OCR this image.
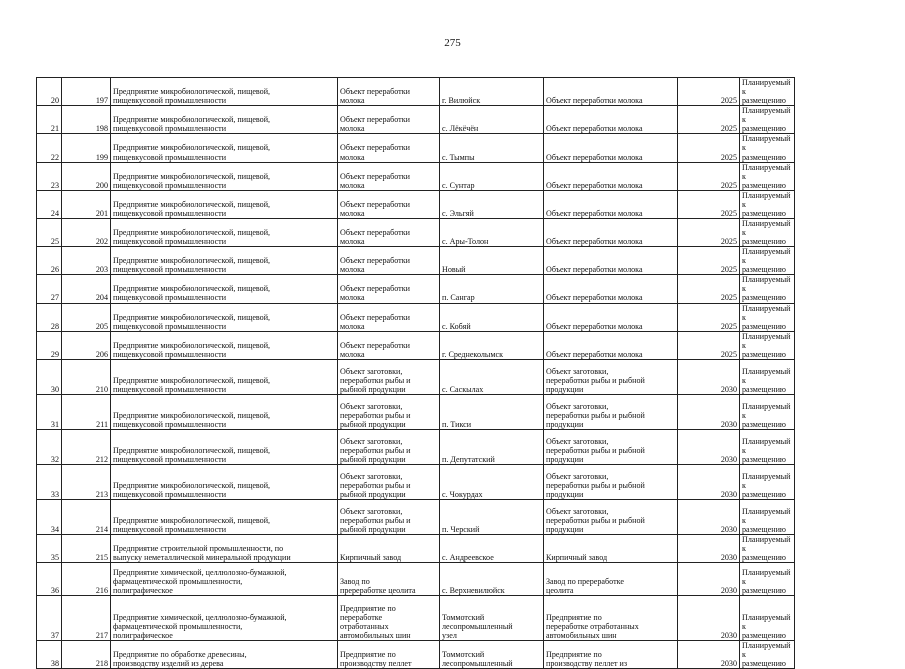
275
20	197	Предприятие микробиологической, пищевой,
пищевкусовой промышленности	Объект переработки
молока	г. Вилюйск	Объект переработки молока	2025	Планируемый к
размещению

21	198	Предприятие микробиологической, пищевой,
пищевкусовой промышленности	Объект переработки
молока	с. Лёкёчён	Объект переработки молока	2025	Планируемый к
размещению

22	199	Предприятие микробиологической, пищевой,
пищевкусовой промышленности	Объект переработки
молока	с. Тымпы	Объект переработки молока	2025	Планируемый к
размещению

23	200	Предприятие микробиологической, пищевой,
пищевкусовой промышленности	Объект переработки
молока	с. Сунтар	Объект переработки молока	2025	Планируемый к
размещению

24	201	Предприятие микробиологической, пищевой,
пищевкусовой промышленности	Объект переработки
молока	с. Эльгяй	Объект переработки молока	2025	Планируемый к
размещению

25	202	Предприятие микробиологической, пищевой,
пищевкусовой промышленности	Объект переработки
молока	с. Ары-Толон	Объект переработки молока	2025	Планируемый к
размещению

26	203	Предприятие микробиологической, пищевой,
пищевкусовой промышленности	Объект переработки
молока	Новый	Объект переработки молока	2025	Планируемый к
размещению

27	204	Предприятие микробиологической, пищевой,
пищевкусовой промышленности	Объект переработки
молока	п. Сангар	Объект переработки молока	2025	Планируемый к
размещению

28	205	Предприятие микробиологической, пищевой,
пищевкусовой промышленности	Объект переработки
молока	с. Кобяй	Объект переработки молока	2025	Планируемый к
размещению

29	206	Предприятие микробиологической, пищевой,
пищевкусовой промышленности	Объект переработки
молока	г. Среднеколымск	Объект переработки молока	2025	Планируемый к
размещению

30	210	Предприятие микробиологической, пищевой,
пищевкусовой промышленности	Объект заготовки,
переработки рыбы и
рыбной продукции	с. Саскылах	Объект заготовки,
переработки рыбы и рыбной
продукции	2030	Планируемый к
размещению

31	211	Предприятие микробиологической, пищевой,
пищевкусовой промышленности	Объект заготовки,
переработки рыбы и
рыбной продукции	п. Тикси	Объект заготовки,
переработки рыбы и рыбной
продукции	2030	Планируемый к
размещению

32	212	Предприятие микробиологической, пищевой,
пищевкусовой промышленности	Объект заготовки,
переработки рыбы и
рыбной продукции	п. Депутатский	Объект заготовки,
переработки рыбы и рыбной
продукции	2030	Планируемый к
размещению

33	213	Предприятие микробиологической, пищевой,
пищевкусовой промышленности	Объект заготовки,
переработки рыбы и
рыбной продукции	с. Чокурдах	Объект заготовки,
переработки рыбы и рыбной
продукции	2030	Планируемый к
размещению

34	214	Предприятие микробиологической, пищевой,
пищевкусовой промышленности	Объект заготовки,
переработки рыбы и
рыбной продукции	п. Черский	Объект заготовки,
переработки рыбы и рыбной
продукции	2030	Планируемый к
размещению

35	215	Предприятие строительной промышленности, по
выпуску неметаллической минеральной продукции	Кирпичный завод	с. Андреевское	Кирпичный завод	2030	Планируемый к
размещению

36	216	Предприятие химической, целлюлозно-бумажной,
фармацевтической промышленности,
полиграфическое	Завод по
пререработке цеолита	с. Верхневилюйск	Завод по пререработке
цеолита	2030	Планируемый к
размещению

37	217	Предприятие химической, целлюлозно-бумажной,
фармацевтической промышленности,
полиграфическое	Предприятие по
переработке
отработанных
автомобильных шин	Томмотский
лесопромышленный
узел	Предприятие по
переработке отработанных
автомобильных шин	2030	Планируемый к
размещению

38	218	Предприятие по обработке древесины,
производству изделий из дерева	Предприятие по
производству пеллет	Томмотский
лесопромышленный	Предприятие по
производству пеллет из	2030	Планируемый к
размещению
